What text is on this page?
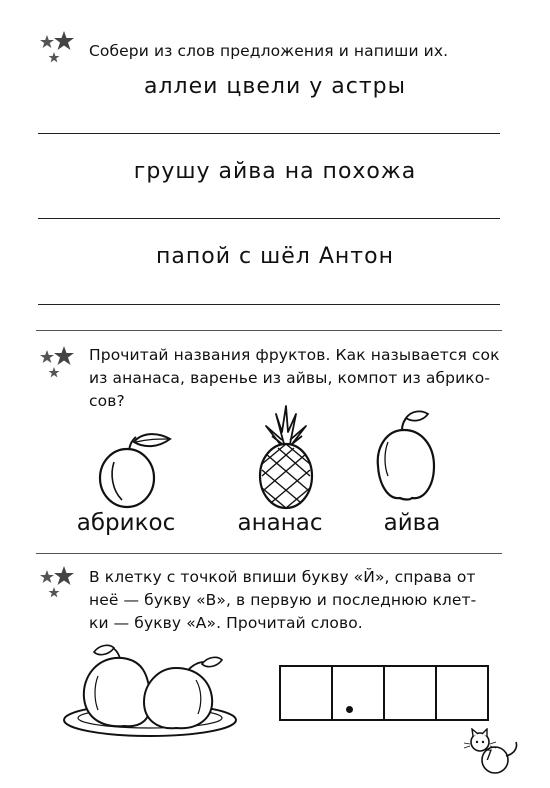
Собери из слов предложения и напиши их.
аллеи цвели у астры
грушу айва на похожа
папой с шёл Антон
Прочитай названия фруктов. Как называется сок
из ананаса, варенье из айвы, компот из абрико-
сов?
абрикос	ананас	айва
В клетку с точкой впиши букву «Й», справа от
неё — букву «В», в первую и последнюю клет-
ки — букву «А». Прочитай слово.
7
